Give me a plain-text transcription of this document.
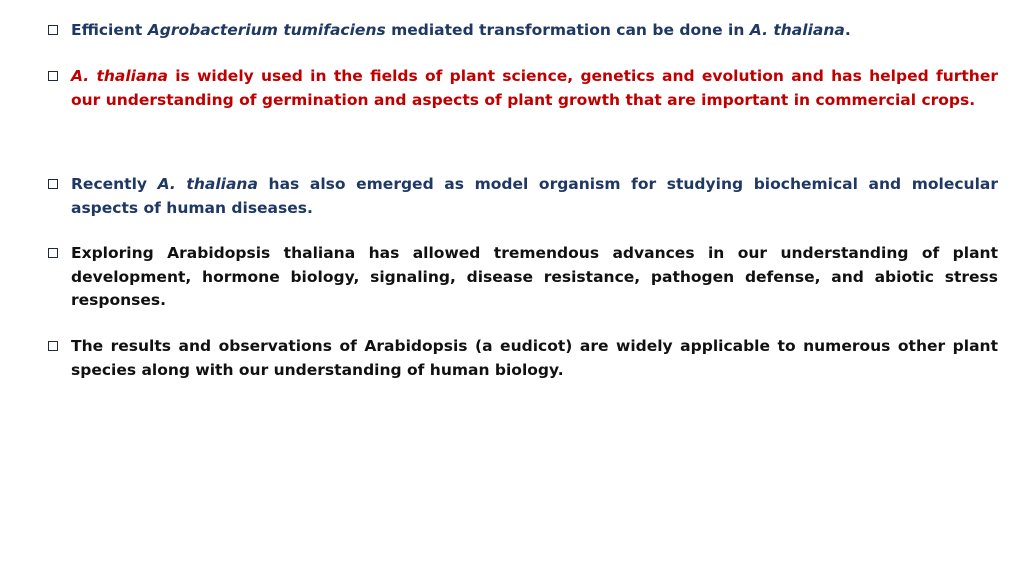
Efficient Agrobacterium tumifaciens mediated transformation can be done in A. thaliana.
A. thaliana is widely used in the fields of plant science, genetics and evolution and has helped further our understanding of germination and aspects of plant growth that are important in commercial crops.
Recently A. thaliana has also emerged as model organism for studying biochemical and molecular aspects of human diseases.
Exploring Arabidopsis thaliana has allowed tremendous advances in our understanding of plant development, hormone biology, signaling, disease resistance, pathogen defense, and abiotic stress responses.
The results and observations of Arabidopsis (a eudicot) are widely applicable to numerous other plant species along with our understanding of human biology.
